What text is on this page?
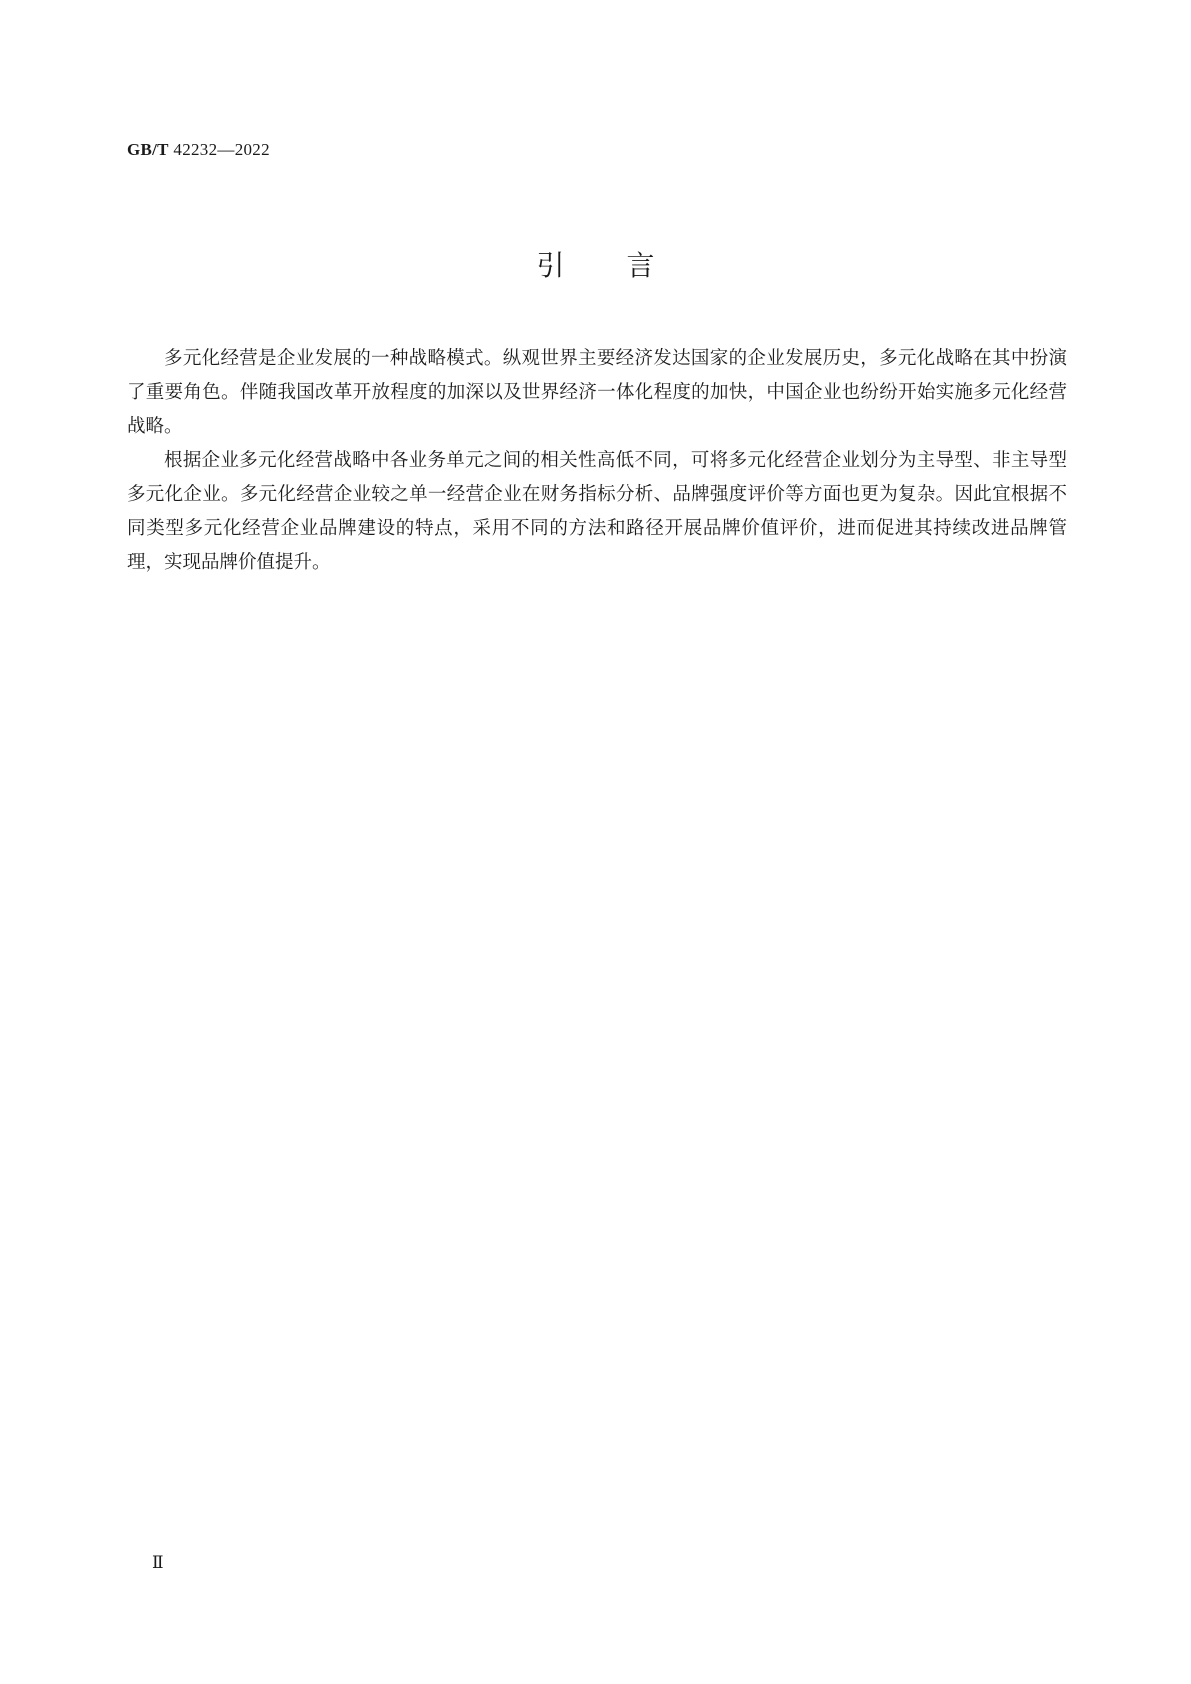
GB/T 42232—2022
引言

多元化经营是企业发展的一种战略模式。纵观世界主要经济发达国家的企业发展历史，多元化战略在其中扮演了重要角色。伴随我国改革开放程度的加深以及世界经济一体化程度的加快，中国企业也纷纷开始实施多元化经营战略。

根据企业多元化经营战略中各业务单元之间的相关性高低不同，可将多元化经营企业划分为主导型、非主导型多元化企业。多元化经营企业较之单一经营企业在财务指标分析、品牌强度评价等方面也更为复杂。因此宜根据不同类型多元化经营企业品牌建设的特点，采用不同的方法和路径开展品牌价值评价，进而促进其持续改进品牌管理，实现品牌价值提升。

Ⅱ
